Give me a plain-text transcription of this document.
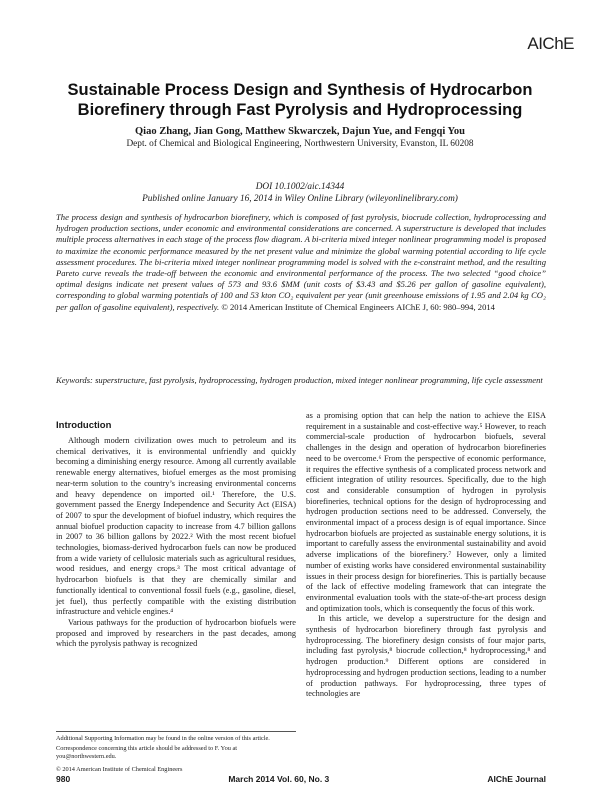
AIChE
Sustainable Process Design and Synthesis of Hydrocarbon Biorefinery through Fast Pyrolysis and Hydroprocessing
Qiao Zhang, Jian Gong, Matthew Skwarczek, Dajun Yue, and Fengqi You
Dept. of Chemical and Biological Engineering, Northwestern University, Evanston, IL 60208
DOI 10.1002/aic.14344
Published online January 16, 2014 in Wiley Online Library (wileyonlinelibrary.com)
The process design and synthesis of hydrocarbon biorefinery, which is composed of fast pyrolysis, biocrude collection, hydroprocessing and hydrogen production sections, under economic and environmental considerations are concerned. A superstructure is developed that includes multiple process alternatives in each stage of the process flow diagram. A bi-criteria mixed integer nonlinear programming model is proposed to maximize the economic performance measured by the net present value and minimize the global warming potential according to life cycle assessment procedures. The bi-criteria mixed integer nonlinear programming model is solved with the ε-constraint method, and the resulting Pareto curve reveals the trade-off between the economic and environmental performance of the process. The two selected “good choice” optimal designs indicate net present values of 573 and 93.6 $MM (unit costs of $3.43 and $5.26 per gallon of gasoline equivalent), corresponding to global warming potentials of 100 and 53 kton CO₂ equivalent per year (unit greenhouse emissions of 1.95 and 2.04 kg CO₂ per gallon of gasoline equivalent), respectively. © 2014 American Institute of Chemical Engineers AIChE J, 60: 980–994, 2014
Keywords: superstructure, fast pyrolysis, hydroprocessing, hydrogen production, mixed integer nonlinear programming, life cycle assessment
Introduction

Although modern civilization owes much to petroleum and its chemical derivatives, it is environmental unfriendly and quickly becoming a diminishing energy resource. Among all currently available renewable energy alternatives, biofuel emerges as the most promising near-term solution to the country’s increasing environmental concerns and heavy dependence on imported oil.¹ Therefore, the U.S. government passed the Energy Independence and Security Act (EISA) of 2007 to spur the development of biofuel industry, which requires the annual biofuel production capacity to increase from 4.7 billion gallons in 2007 to 36 billion gallons by 2022.² With the most recent biofuel technologies, biomass-derived hydrocarbon fuels can now be produced from a wide variety of cellulosic materials such as agricultural residues, wood residues, and energy crops.³ The most critical advantage of hydrocarbon biofuels is that they are chemically similar and functionally identical to conventional fossil fuels (e.g., gasoline, diesel, jet fuel), thus perfectly compatible with the existing distribution infrastructure and vehicle engines.⁴

Various pathways for the production of hydrocarbon biofuels were proposed and improved by researchers in the past decades, among which the pyrolysis pathway is recognized

as a promising option that can help the nation to achieve the EISA requirement in a sustainable and cost-effective way.⁵ However, to reach commercial-scale production of hydrocarbon biofuels, several challenges in the design and operation of hydrocarbon biorefineries need to be overcome.⁶ From the perspective of economic performance, it requires the effective synthesis of a complicated process network and efficient integration of utility resources. Specifically, due to the high cost and considerable consumption of hydrogen in pyrolysis biorefineries, technical options for the design of hydroprocessing and hydrogen production sections need to be addressed. Conversely, the environmental impact of a process design is of equal importance. Since hydrocarbon biofuels are projected as sustainable energy solutions, it is important to carefully assess the environmental sustainability and avoid adverse implications of the biorefinery.⁷ However, only a limited number of existing works have considered environmental sustainability issues in their process design for biorefineries. This is partially because of the lack of effective modeling framework that can integrate the environmental evaluation tools with the state-of-the-art process design and optimization tools, which is consequently the focus of this work.

In this article, we develop a superstructure for the design and synthesis of hydrocarbon biorefinery through fast pyrolysis and hydroprocessing. The biorefinery design consists of four major parts, including fast pyrolysis,⁸ biocrude collection,⁸ hydroprocessing,⁸ and hydrogen production.⁹ Different options are considered in hydroprocessing and hydrogen production sections, leading to a number of production pathways. For hydroprocessing, three types of technologies are

Additional Supporting Information may be found in the online version of this article.

Correspondence concerning this article should be addressed to F. You at you@northwestern.edu.

© 2014 American Institute of Chemical Engineers

980	March 2014 Vol. 60, No. 3	AIChE Journal
